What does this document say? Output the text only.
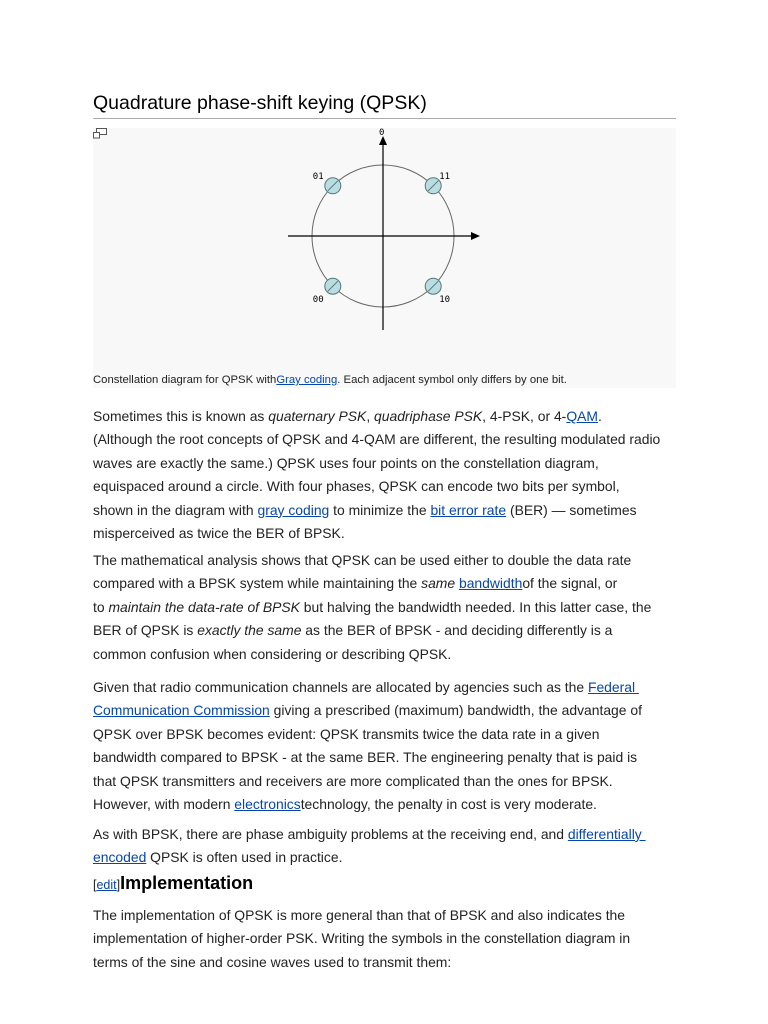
Quadrature phase-shift keying (QPSK)
0
01	11
00	10
Constellation diagram for QPSK withGray coding. Each adjacent symbol only differs by one bit.
Sometimes this is known as quaternary PSK, quadriphase PSK, 4-PSK, or 4-QAM.
(Although the root concepts of QPSK and 4-QAM are different, the resulting modulated radio
waves are exactly the same.) QPSK uses four points on the constellation diagram,
equispaced around a circle. With four phases, QPSK can encode two bits per symbol,
shown in the diagram with gray coding to minimize the bit error rate (BER) — sometimes
misperceived as twice the BER of BPSK.
The mathematical analysis shows that QPSK can be used either to double the data rate
compared with a BPSK system while maintaining the same bandwidthof the signal, or
to maintain the data-rate of BPSK but halving the bandwidth needed. In this latter case, the
BER of QPSK is exactly the same as the BER of BPSK - and deciding differently is a
common confusion when considering or describing QPSK.
Given that radio communication channels are allocated by agencies such as the Federal
Communication Commission giving a prescribed (maximum) bandwidth, the advantage of
QPSK over BPSK becomes evident: QPSK transmits twice the data rate in a given
bandwidth compared to BPSK - at the same BER. The engineering penalty that is paid is
that QPSK transmitters and receivers are more complicated than the ones for BPSK.
However, with modern electronicstechnology, the penalty in cost is very moderate.
As with BPSK, there are phase ambiguity problems at the receiving end, and differentially
encoded QPSK is often used in practice.
[edit]Implementation
The implementation of QPSK is more general than that of BPSK and also indicates the
implementation of higher-order PSK. Writing the symbols in the constellation diagram in
terms of the sine and cosine waves used to transmit them:
